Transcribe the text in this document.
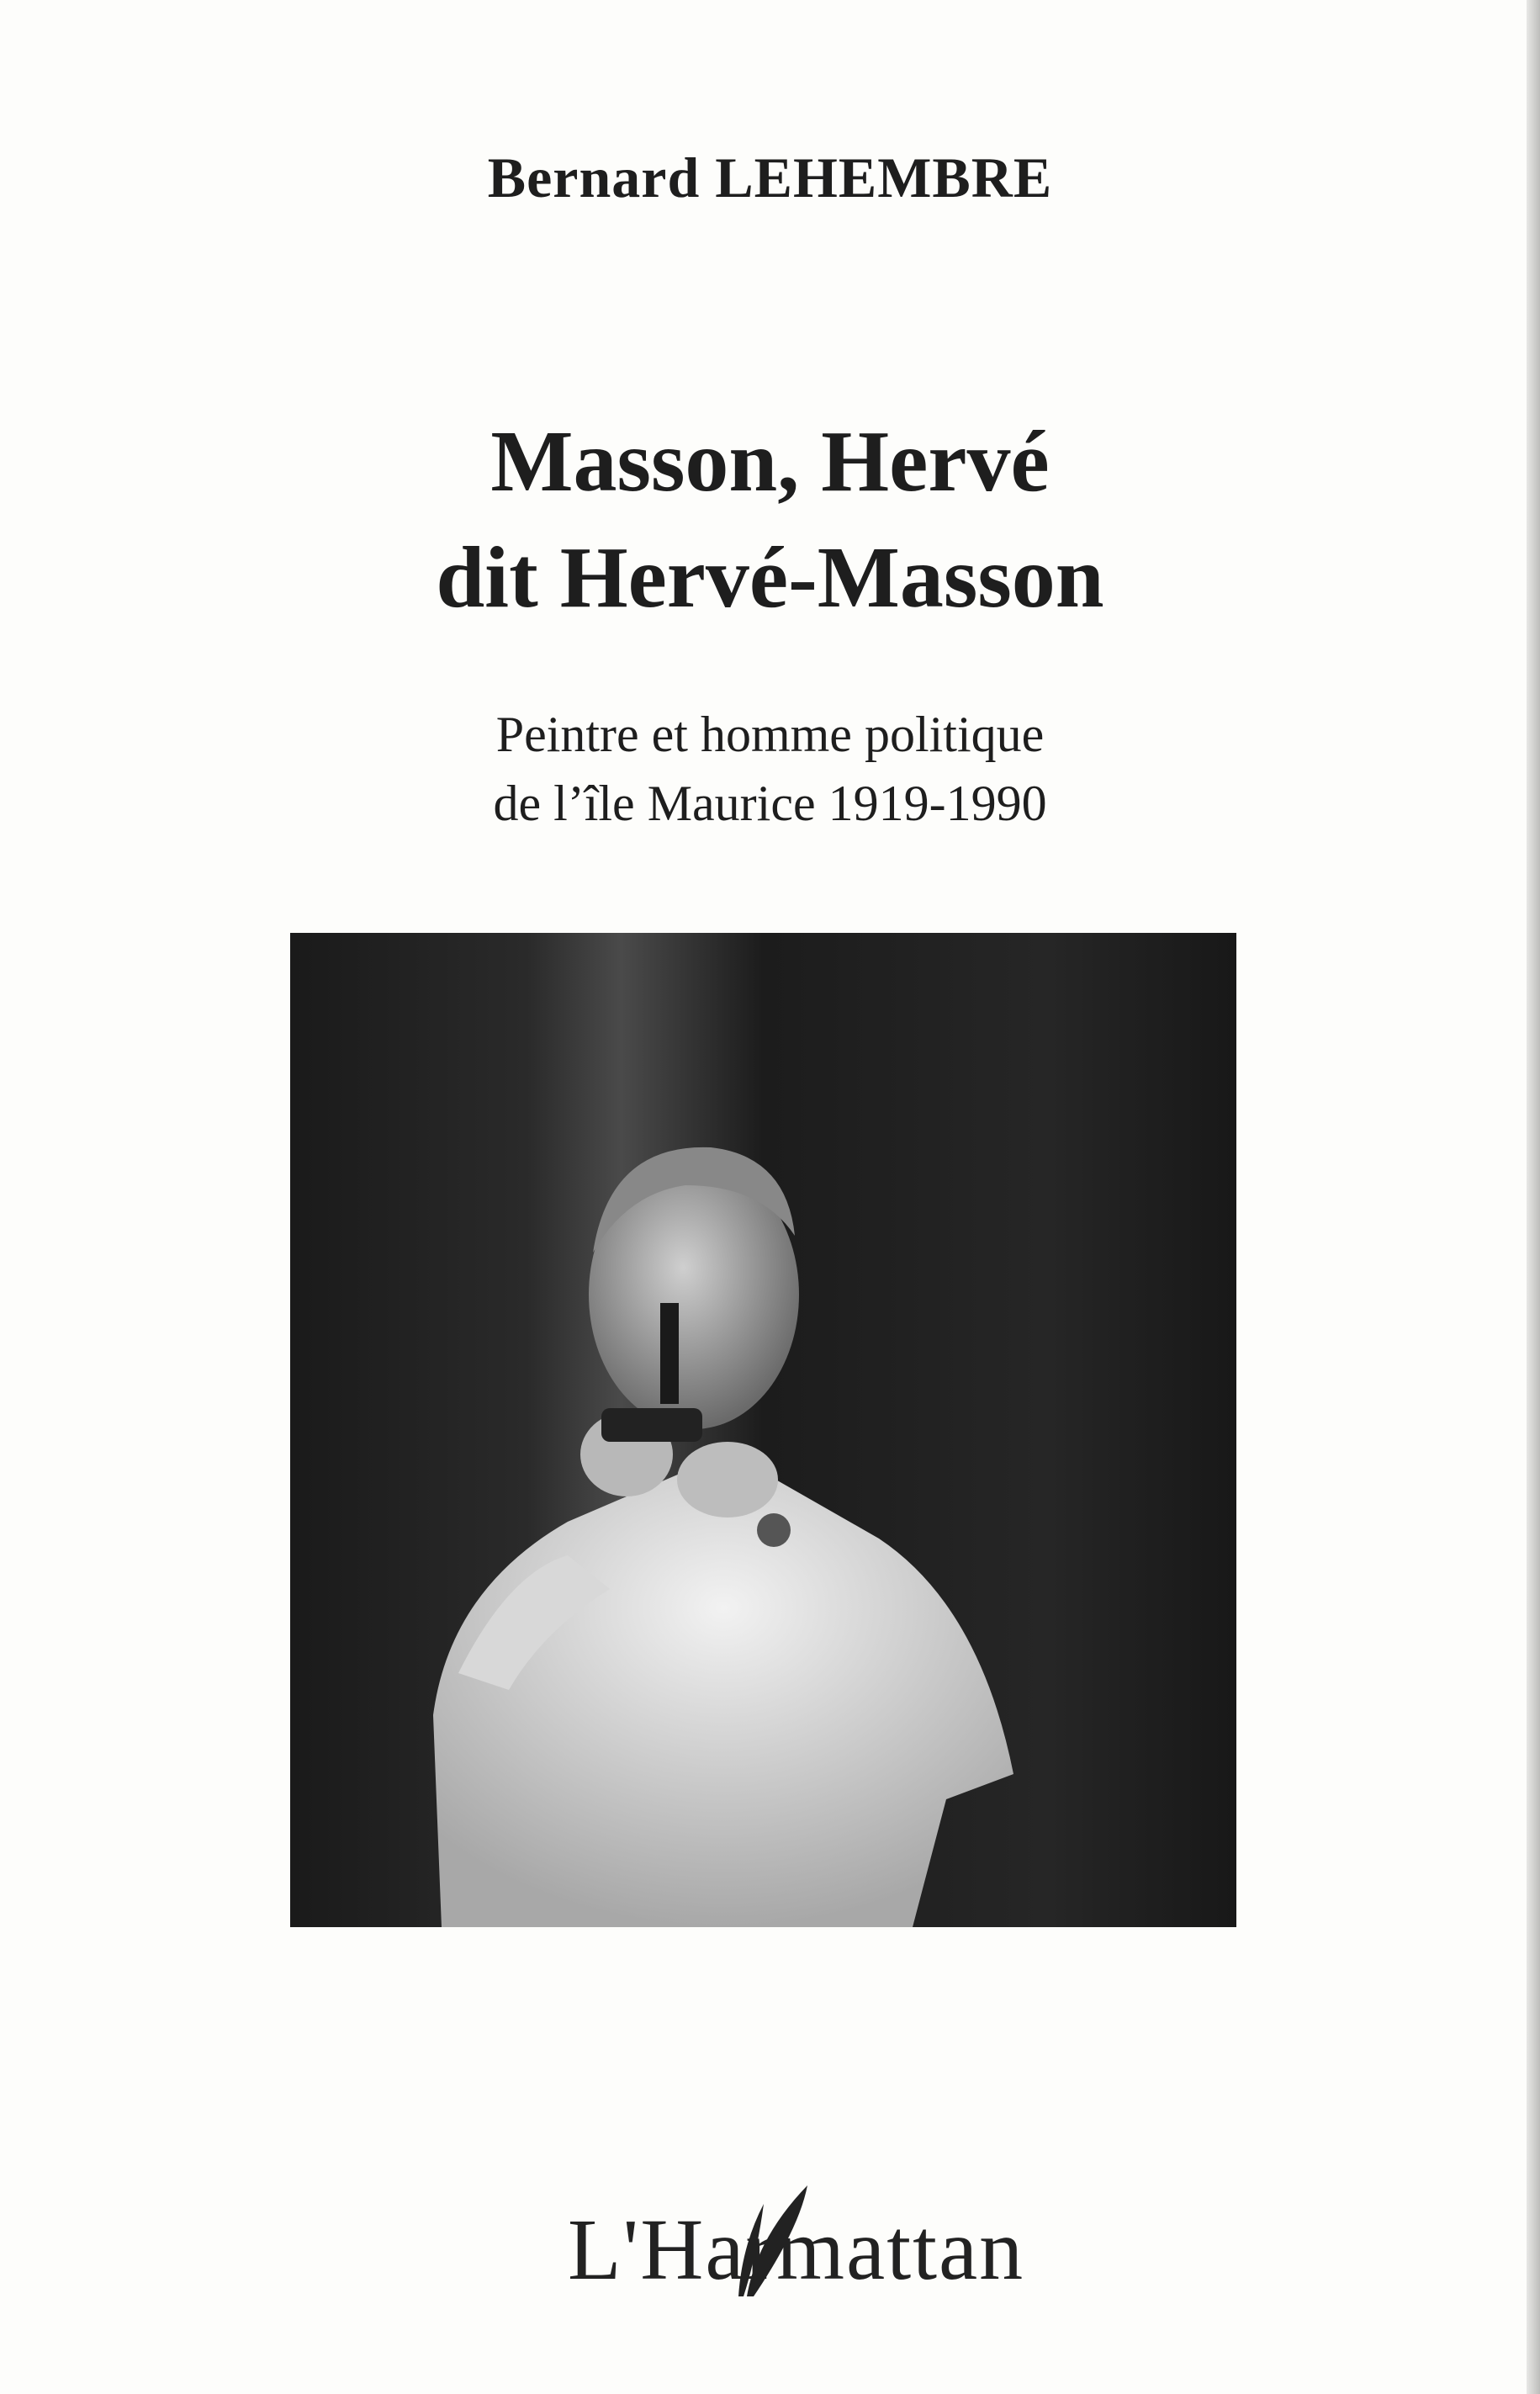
Bernard LEHEMBRE
Masson, Hervé
dit Hervé-Masson
Peintre et homme politique
de l’île Maurice 1919-1990
L'Harmattan
